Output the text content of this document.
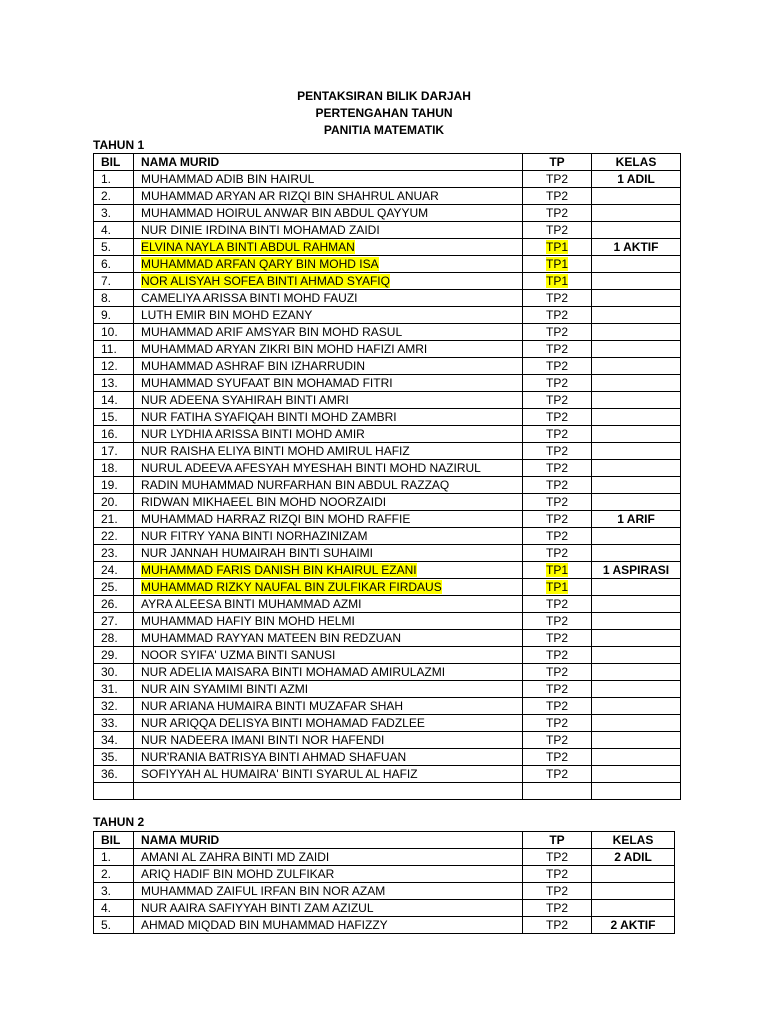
PENTAKSIRAN BILIK DARJAH
PERTENGAHAN TAHUN
PANITIA MATEMATIK
TAHUN 1
BIL	NAMA MURID	TP	KELAS
1.	MUHAMMAD ADIB BIN HAIRUL	TP2	1 ADIL
2.	MUHAMMAD ARYAN AR RIZQI BIN SHAHRUL ANUAR	TP2	
3.	MUHAMMAD HOIRUL ANWAR BIN ABDUL QAYYUM	TP2	
4.	NUR DINIE IRDINA BINTI MOHAMAD ZAIDI	TP2	
5.	ELVINA NAYLA BINTI ABDUL RAHMAN	TP1	1 AKTIF
6.	MUHAMMAD ARFAN QARY BIN MOHD ISA	TP1	
7.	NOR ALISYAH SOFEA BINTI AHMAD SYAFIQ	TP1	
8.	CAMELIYA ARISSA BINTI MOHD FAUZI	TP2	
9.	LUTH EMIR BIN MOHD EZANY	TP2	
10.	MUHAMMAD ARIF AMSYAR BIN MOHD RASUL	TP2	
11.	MUHAMMAD ARYAN ZIKRI BIN MOHD HAFIZI AMRI	TP2	
12.	MUHAMMAD ASHRAF BIN IZHARRUDIN	TP2	
13.	MUHAMMAD SYUFAAT BIN MOHAMAD FITRI	TP2	
14.	NUR ADEENA SYAHIRAH BINTI AMRI	TP2	
15.	NUR FATIHA SYAFIQAH BINTI MOHD ZAMBRI	TP2	
16.	NUR LYDHIA ARISSA BINTI MOHD AMIR	TP2	
17.	NUR RAISHA ELIYA BINTI MOHD AMIRUL HAFIZ	TP2	
18.	NURUL ADEEVA AFESYAH MYESHAH BINTI MOHD NAZIRUL	TP2	
19.	RADIN MUHAMMAD NURFARHAN BIN ABDUL RAZZAQ	TP2	
20.	RIDWAN MIKHAEEL BIN MOHD NOORZAIDI	TP2	
21.	MUHAMMAD HARRAZ RIZQI BIN MOHD RAFFIE	TP2	1 ARIF
22.	NUR FITRY YANA BINTI NORHAZINIZAM	TP2	
23.	NUR JANNAH HUMAIRAH BINTI SUHAIMI	TP2	
24.	MUHAMMAD FARIS DANISH BIN KHAIRUL EZANI	TP1	1 ASPIRASI
25.	MUHAMMAD RIZKY NAUFAL BIN ZULFIKAR FIRDAUS	TP1	
26.	AYRA ALEESA BINTI MUHAMMAD AZMI	TP2	
27.	MUHAMMAD HAFIY BIN MOHD HELMI	TP2	
28.	MUHAMMAD RAYYAN MATEEN BIN REDZUAN	TP2	
29.	NOOR SYIFA' UZMA BINTI SANUSI	TP2	
30.	NUR ADELIA MAISARA BINTI MOHAMAD AMIRULAZMI	TP2	
31.	NUR AIN SYAMIMI BINTI AZMI	TP2	
32.	NUR ARIANA HUMAIRA BINTI MUZAFAR SHAH	TP2	
33.	NUR ARIQQA DELISYA BINTI MOHAMAD FADZLEE	TP2	
34.	NUR NADEERA IMANI BINTI NOR HAFENDI	TP2	
35.	NUR'RANIA BATRISYA BINTI AHMAD SHAFUAN	TP2	
36.	SOFIYYAH AL HUMAIRA' BINTI SYARUL AL HAFIZ	TP2	

TAHUN 2
BIL	NAMA MURID	TP	KELAS
1.	AMANI AL ZAHRA BINTI MD ZAIDI	TP2	2 ADIL
2.	ARIQ HADIF BIN MOHD ZULFIKAR	TP2	
3.	MUHAMMAD ZAIFUL IRFAN BIN NOR AZAM	TP2	
4.	NUR AAIRA SAFIYYAH BINTI ZAM AZIZUL	TP2	
5.	AHMAD MIQDAD BIN MUHAMMAD HAFIZZY	TP2	2 AKTIF
